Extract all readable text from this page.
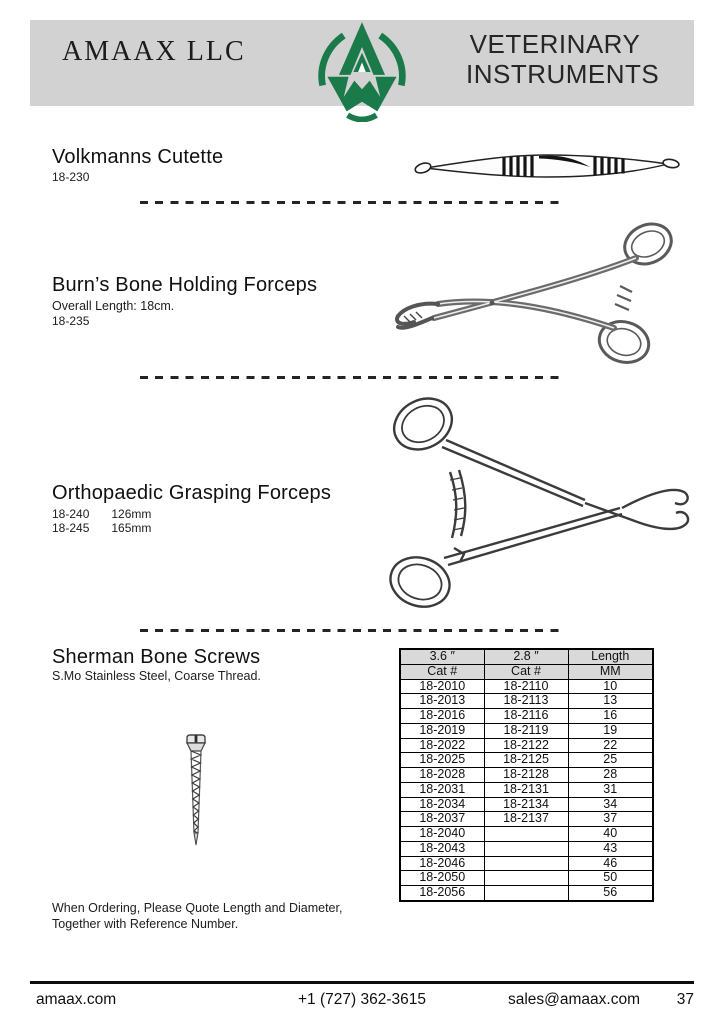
AMAAX LLC	VETERINARY
INSTRUMENTS
Volkmanns Cutette
18-230
Burn’s Bone Holding Forceps
Overall Length: 18cm.
18-235
Orthopaedic Grasping Forceps
18-240 126mm
18-245 165mm
Sherman Bone Screws
S.Mo Stainless Steel, Coarse Thread.
3.6 ″	2.8 ″	Length
Cat #	Cat #	MM
18-2010	18-2110	10
18-2013	18-2113	13
18-2016	18-2116	16
18-2019	18-2119	19
18-2022	18-2122	22
18-2025	18-2125	25
18-2028	18-2128	28
18-2031	18-2131	31
18-2034	18-2134	34
18-2037	18-2137	37
18-2040		40
18-2043		43
18-2046		46
18-2050		50
18-2056		56
When Ordering, Please Quote Length and Diameter,
Together with Reference Number.
amaax.com	+1 (727) 362-3615	sales@amaax.com 37
